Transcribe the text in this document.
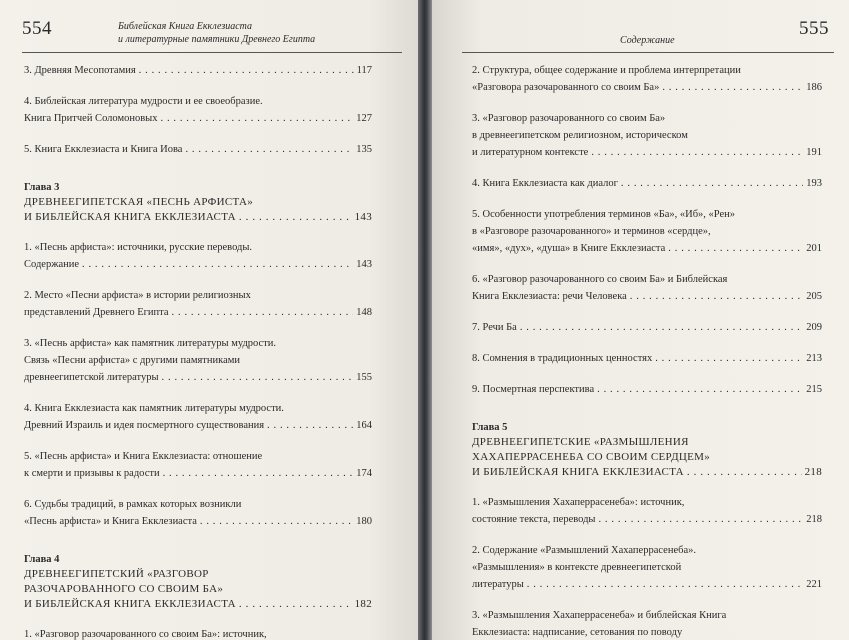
554	Библейская Книга Екклезиаста
и литературные памятники Древнего Египта
3. Древняя Месопотамия . . .	117
4. Библейская литература мудрости и ее своеобразие.
Книга Притчей Соломоновых . . .	127
5. Книга Екклезиаста и Книга Иова . . .	135
Глава 3
ДРЕВНЕЕГИПЕТСКАЯ «ПЕСНЬ АРФИСТА»
И БИБЛЕЙСКАЯ КНИГА ЕККЛЕЗИАСТА . . .	143
1. «Песнь арфиста»: источники, русские переводы.
Содержание . . .	143
2. Место «Песни арфиста» в истории религиозных
представлений Древнего Египта . . .	148
3. «Песнь арфиста» как памятник литературы мудрости.
Связь «Песни арфиста» с другими памятниками
древнеегипетской литературы . . .	155
4. Книга Екклезиаста как памятник литературы мудрости.
Древний Израиль и идея посмертного существования . . .	164
5. «Песнь арфиста» и Книга Екклезиаста: отношение
к смерти и призывы к радости . . .	174
6. Судьбы традиций, в рамках которых возникли
«Песнь арфиста» и Книга Екклезиаста . . .	180
Глава 4
ДРЕВНЕЕГИПЕТСКИЙ «РАЗГОВОР
РАЗОЧАРОВАННОГО СО СВОИМ БА»
И БИБЛЕЙСКАЯ КНИГА ЕККЛЕЗИАСТА . . .	182
1. «Разговор разочарованного со своим Ба»: источник,
Содержание
555
2. Структура, общее содержание и проблема интерпретации
«Разговора разочарованного со своим Ба» . . .	186
3. «Разговор разочарованного со своим Ба»
в древнеегипетском религиозном, историческом
и литературном контексте . . .	191
4. Книга Екклезиаста как диалог . . .	193
5. Особенности употребления терминов «Ба», «Иб», «Рен»
в «Разговоре разочарованного» и терминов «сердце»,
«имя», «дух», «душа» в Книге Екклезиаста . . .	201
6. «Разговор разочарованного со своим Ба» и Библейская
Книга Екклезиаста: речи Человека . . .	205
7. Речи Ба . . .	209
8. Сомнения в традиционных ценностях . . .	213
9. Посмертная перспектива . . .	215
Глава 5
ДРЕВНЕЕГИПЕТСКИЕ «РАЗМЫШЛЕНИЯ
ХАХАПЕРРАСЕНЕБА СО СВОИМ СЕРДЦЕМ»
И БИБЛЕЙСКАЯ КНИГА ЕККЛЕЗИАСТА . . .	218
1. «Размышления Хахаперрасенеба»: источник,
состояние текста, переводы . . .	218
2. Содержание «Размышлений Хахаперрасенеба».
«Размышления» в контексте древнеегипетской
литературы . . .	221
3. «Размышления Хахаперрасенеба» и библейская Книга
Екклезиаста: надписание, сетования по поводу
